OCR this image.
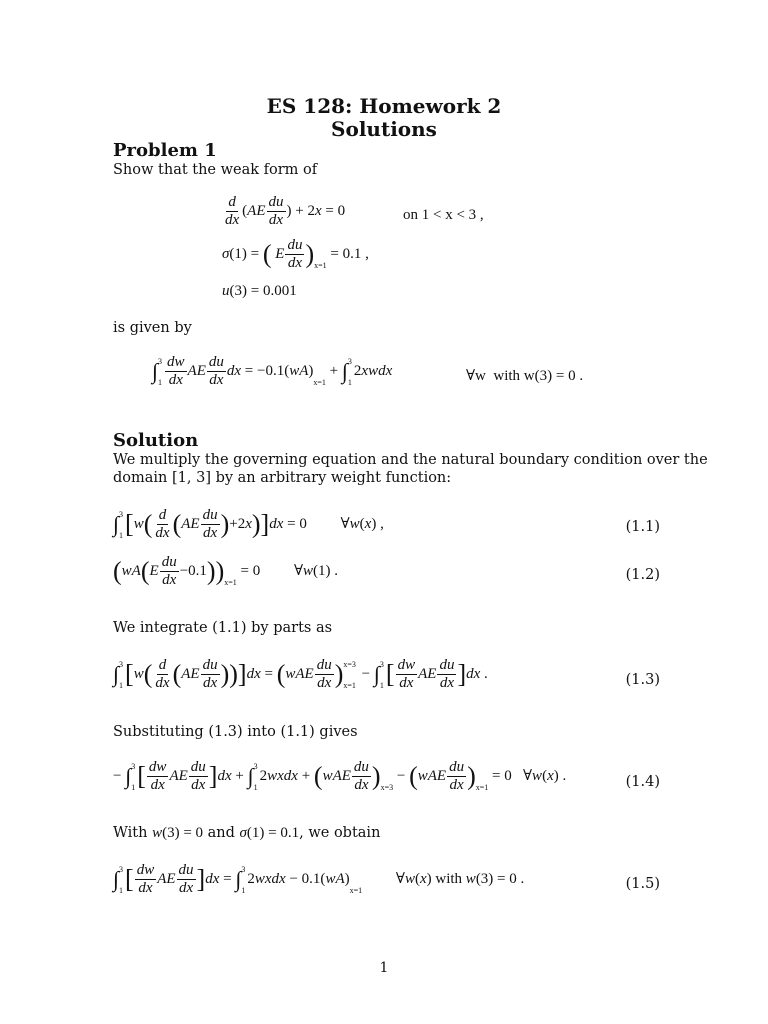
ES 128: Homework 2
Solutions
Problem 1
Show that the weak form of
$\frac{d}{dx} (AE \frac{du}{dx}$ ) + 2x = 0	on 1 < x < 3 ,
σ(1) = ( E $\frac{du}{dx} )_{x=1} = 0.1$ ,
u(3) = 0.001
is given by
∫ 3
$1 \frac{dw}{dx}$ AE $\frac{du}{dx}$ dx = $-0.1(wA)_{x=1}$ + ∫ 3
1
2xwdx	∀w with w(3) = 0 .
Solution
We multiply the governing equation and the natural boundary condition over the
domain [1, 3] by an arbitrary weight function:
∫ 3
1 $[w( \frac{d}{dx} (AE \frac{du}{dx} )+2x)]dx = 0$         ∀w(x) ,	(1.1)
$(wA(E \frac{du}{dx} -0.1))_{x=1} = 0$         ∀w(1) .	(1.2)
We integrate (1.1) by parts as
∫ 3
1 $[w( \frac{d}{dx} (AE \frac{du}{dx} ))]dx = (wAE \frac{du}{dx}$ ) x=3
x=1
− ∫ 3
1 [ $\frac{dw}{dx}$ AE $\frac{du}{dx} ]dx$ .	(1.3)
Substituting (1.3) into (1.1) gives
− ∫ 3
1 [ $\frac{dw}{dx}$ AE $\frac{du}{dx} ]dx$ + ∫ 3
1
2wxdx + $(wAE \frac{du}{dx} )_{x=3} - (wAE \frac{du}{dx} )_{x=1} = 0$   ∀w(x) .	(1.4)
With w(3) = 0 and σ(1) = 0.1, we obtain
∫ 3
1 [ $\frac{dw}{dx}$ AE $\frac{du}{dx} ]dx$ = ∫ 3
1
2wxdx − $0.1(wA)_{x=1}$         ∀w(x) with w(3) = 0 .	(1.5)
1
